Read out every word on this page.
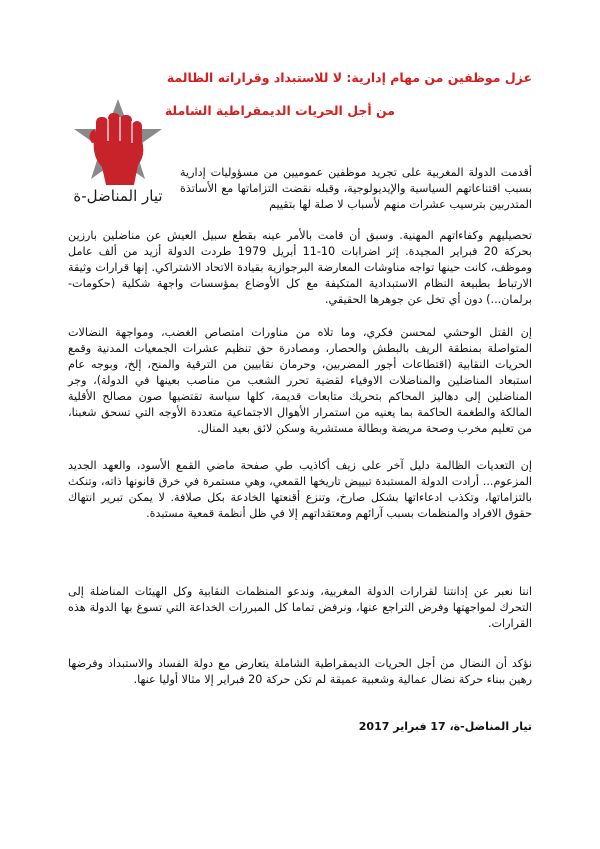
عزل موظفين من مهام إدارية: لا للاستبداد وقراراته الظالمة
من أجل الحريات الديمقراطية الشاملة
تيار المناضل-ة

أقدمت الدولة المغربية على تجريد موظفين عموميين من مسؤوليات إدارية بسبب اقتناعاتهم السياسية والإيديولوجية، وقبله نقضت التزاماتها مع الأساتذة المتدربين بترسيب عشرات منهم لأسباب لا صلة لها بتقييم

تحصيليهم وكفاءاتهم المهنية. وسبق أن قامت بالأمر عينه بقطع سبيل العيش عن مناضلين بارزين بحركة 20 فبراير المجيدة. إثر اضرابات 10-11 أبريل 1979 طردت الدولة أزيد من ألف عامل وموظف، كانت حينها تواجه مناوشات المعارضة البرجوازية بقيادة الاتحاد الاشتراكي. إنها قرارات وثيقة الارتباط بطبيعة النظام الاستبدادية المتكيفة مع كل الأوضاع بمؤسسات واجهة شكلية (حكومات-برلمان...) دون أي تخل عن جوهرها الحقيقي.

إن القتل الوحشي لمحسن فكري، وما تلاه من مناورات امتصاص الغضب، ومواجهة النضالات المتواصلة بمنطقة الريف بالبطش والحصار، ومصادرة حق تنظيم عشرات الجمعيات المدنية وقمع الحريات النقابية (اقتطاعات أجور المضربين، وحرمان نقابيين من الترقية والمنح، إلخ، وبوجه عام استبعاد المناضلين والمناضلات الاوفياء لقضية تحرر الشعب من مناصب بعينها في الدولة)، وجر المناضلين إلى دهاليز المحاكم بتحريك متابعات قديمة، كلها سياسة تقتضيها صون مصالح الأقلية المالكة والطغمة الحاكمة بما يعنيه من استمرار الأهوال الاجتماعية متعددة الأوجه التي تسحق شعبنا، من تعليم مخرب وصحة مريضة وبطالة مستشرية وسكن لائق بعيد المنال.

إن التعديات الظالمة دليل آخر على زيف أكاذيب طي صفحة ماضي القمع الأسود، والعهد الجديد المزعوم... أرادت الدولة المستبدة تبييض تاريخها القمعي، وهي مستمرة في خرق قانونها ذاته، وتنكث بالتزاماتها، وتكذب ادعاءاتها بشكل صارخ، وتنزع أقنعتها الخادعة بكل صلافة. لا يمكن تبرير انتهاك حقوق الافراد والمنظمات بسبب آرائهم ومعتقداتهم إلا في ظل أنظمة قمعية مستبدة.

اننا نعبر عن إدانتنا لقرارات الدولة المغربية، وندعو المنظمات النقابية وكل الهيئات المناضلة إلى التحرك لمواجهتها وفرض التراجع عنها، ونرفض تماما كل المبررات الخداعة التي تسوغ بها الدولة هذه القرارات.

نؤكد أن النضال من أجل الحريات الديمقراطية الشاملة يتعارض مع دولة الفساد والاستبداد وفرضها رهين ببناء حركة نضال عمالية وشعبية عميقة لم تكن حركة 20 فبراير إلا مثالا أوليا عنها.

تيار المناضل-ة، 17 فبراير 2017
